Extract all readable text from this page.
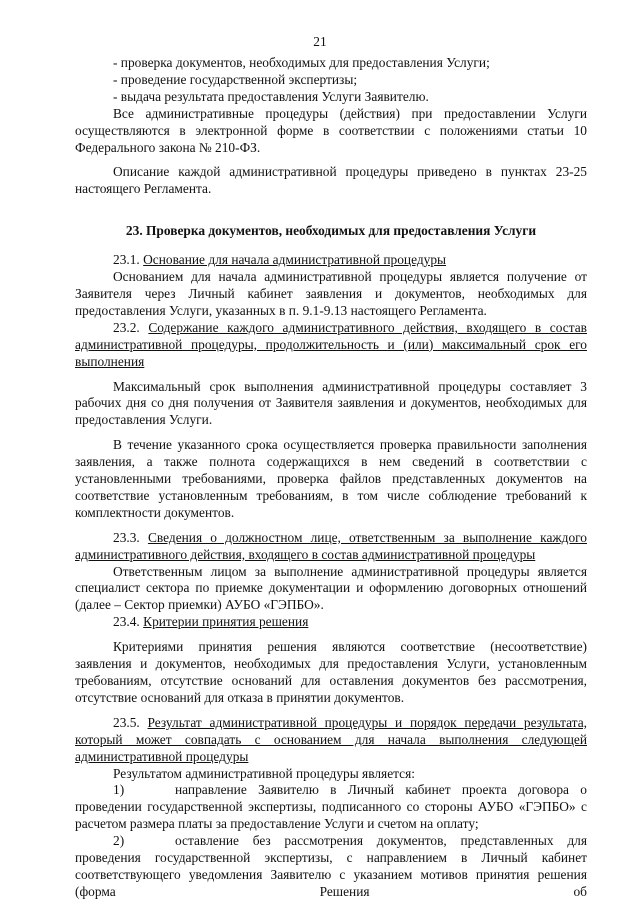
21
- проверка документов, необходимых для предоставления Услуги;
- проведение государственной экспертизы;
- выдача результата предоставления Услуги Заявителю.
Все административные процедуры (действия) при предоставлении Услуги осуществляются в электронной форме в соответствии с положениями статьи 10 Федерального закона № 210-ФЗ.
Описание каждой административной процедуры приведено в пунктах 23-25 настоящего Регламента.
23. Проверка документов, необходимых для предоставления Услуги
23.1. Основание для начала административной процедуры
Основанием для начала административной процедуры является получение от Заявителя через Личный кабинет заявления и документов, необходимых для предоставления Услуги, указанных в п. 9.1-9.13 настоящего Регламента.
23.2. Содержание каждого административного действия, входящего в состав административной процедуры, продолжительность и (или) максимальный срок его выполнения
Максимальный срок выполнения административной процедуры составляет 3 рабочих дня со дня получения от Заявителя заявления и документов, необходимых для предоставления Услуги.
В течение указанного срока осуществляется проверка правильности заполнения заявления, а также полнота содержащихся в нем сведений в соответствии с установленными требованиями, проверка файлов представленных документов на соответствие установленным требованиям, в том числе соблюдение требований к комплектности документов.
23.3. Сведения о должностном лице, ответственным за выполнение каждого административного действия, входящего в состав административной процедуры
Ответственным лицом за выполнение административной процедуры является специалист сектора по приемке документации и оформлению договорных отношений (далее – Сектор приемки) АУБО «ГЭПБО».
23.4. Критерии принятия решения
Критериями принятия решения являются соответствие (несоответствие) заявления и документов, необходимых для предоставления Услуги, установленным требованиям, отсутствие оснований для оставления документов без рассмотрения, отсутствие оснований для отказа в принятии документов.
23.5. Результат административной процедуры и порядок передачи результата, который может совпадать с основанием для начала выполнения следующей административной процедуры
Результатом административной процедуры является:
1)	направление Заявителю в Личный кабинет проекта договора о проведении государственной экспертизы, подписанного со стороны АУБО «ГЭПБО» с расчетом размера платы за предоставление Услуги и счетом на оплату;
2)	оставление без рассмотрения документов, представленных для проведения государственной экспертизы, с направлением в Личный кабинет соответствующего уведомления Заявителю с указанием мотивов принятия решения (форма Решения об
